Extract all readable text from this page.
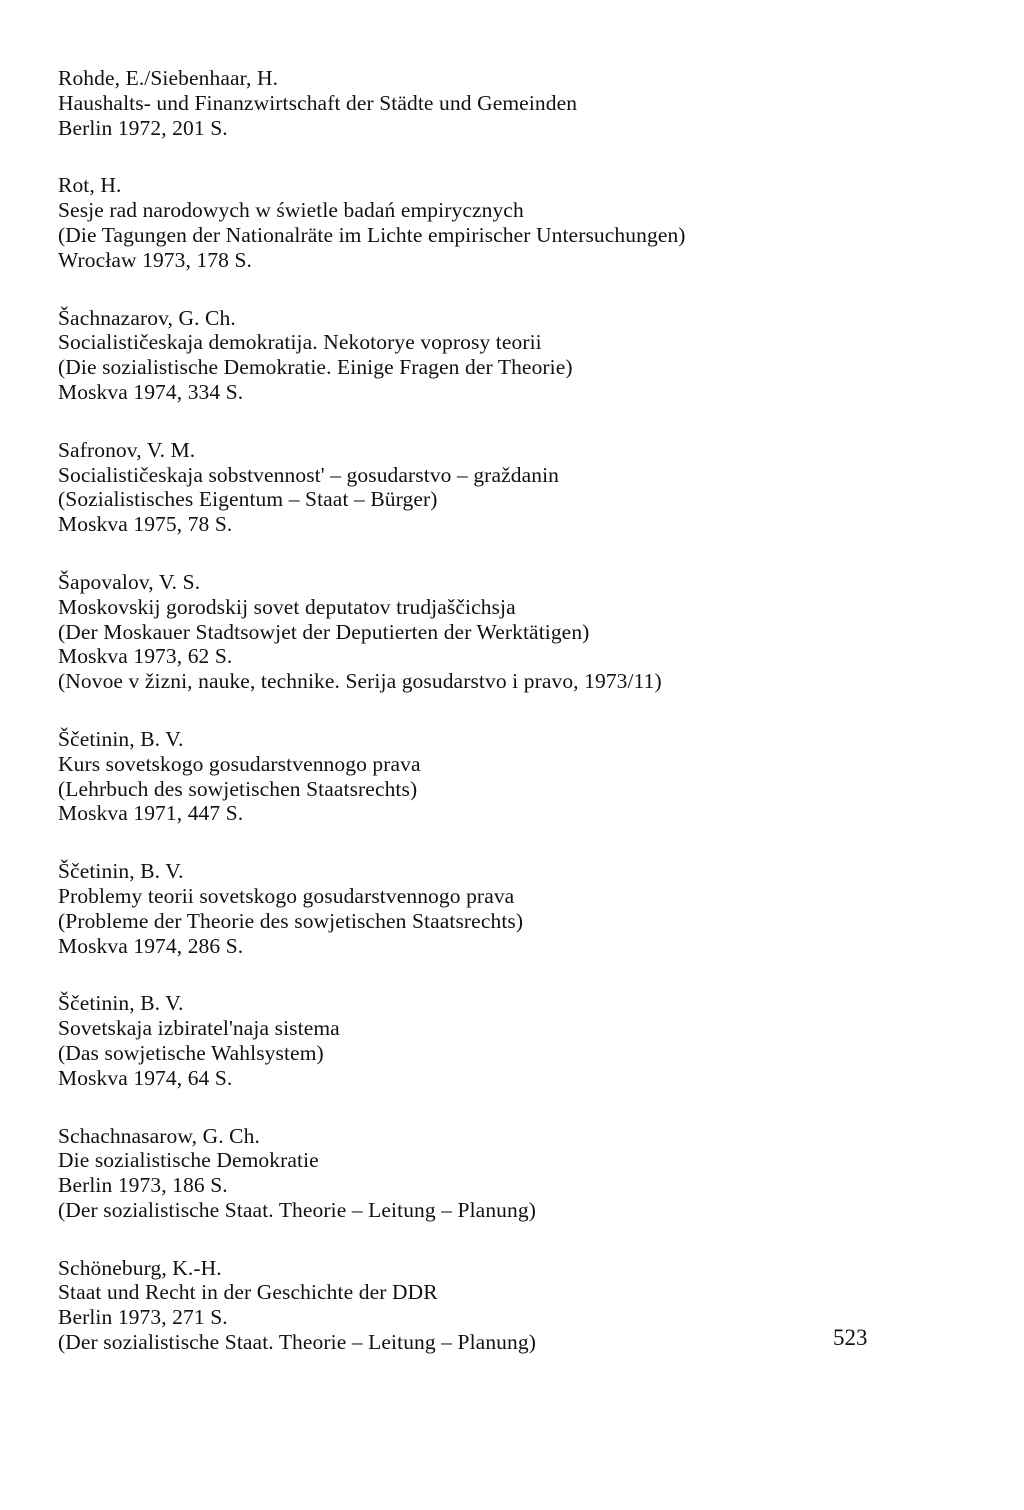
Rohde, E./Siebenhaar, H.
Haushalts- und Finanzwirtschaft der Städte und Gemeinden
Berlin 1972, 201 S.
Rot, H.
Sesje rad narodowych w świetle badań empirycznych
(Die Tagungen der Nationalräte im Lichte empirischer Untersuchungen)
Wrocław 1973, 178 S.
Šachnazarov, G. Ch.
Socialističeskaja demokratija. Nekotorye voprosy teorii
(Die sozialistische Demokratie. Einige Fragen der Theorie)
Moskva 1974, 334 S.
Safronov, V. M.
Socialističeskaja sobstvennost' – gosudarstvo – graždanin
(Sozialistisches Eigentum – Staat – Bürger)
Moskva 1975, 78 S.
Šapovalov, V. S.
Moskovskij gorodskij sovet deputatov trudjaščichsja
(Der Moskauer Stadtsowjet der Deputierten der Werktätigen)
Moskva 1973, 62 S.
(Novoe v žizni, nauke, technike. Serija gosudarstvo i pravo, 1973/11)
Ščetinin, B. V.
Kurs sovetskogo gosudarstvennogo prava
(Lehrbuch des sowjetischen Staatsrechts)
Moskva 1971, 447 S.
Ščetinin, B. V.
Problemy teorii sovetskogo gosudarstvennogo prava
(Probleme der Theorie des sowjetischen Staatsrechts)
Moskva 1974, 286 S.
Ščetinin, B. V.
Sovetskaja izbiratel'naja sistema
(Das sowjetische Wahlsystem)
Moskva 1974, 64 S.
Schachnasarow, G. Ch.
Die sozialistische Demokratie
Berlin 1973, 186 S.
(Der sozialistische Staat. Theorie – Leitung – Planung)
Schöneburg, K.-H.
Staat und Recht in der Geschichte der DDR
Berlin 1973, 271 S.
(Der sozialistische Staat. Theorie – Leitung – Planung)	523
